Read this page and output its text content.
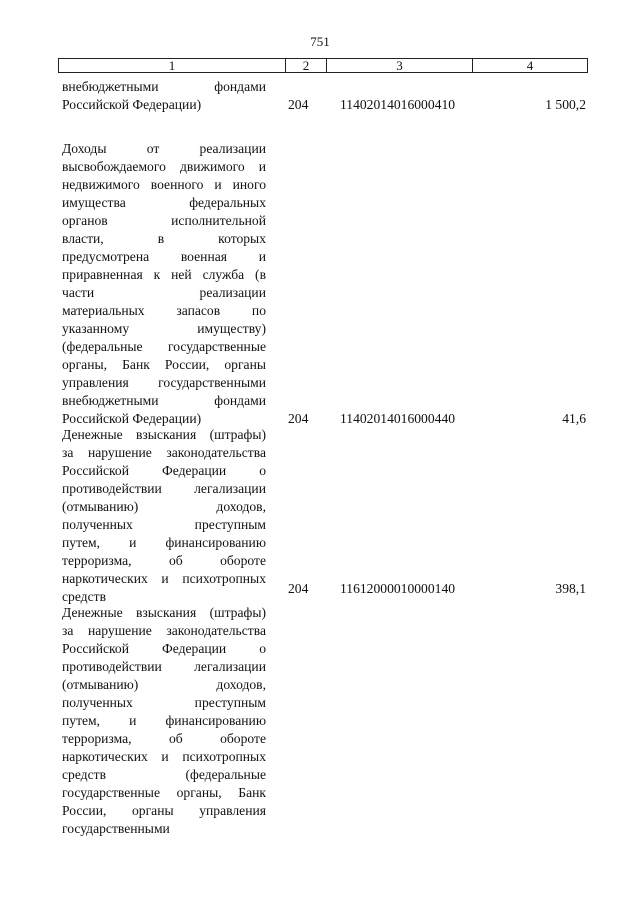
751
1	2	3	4
внебюджетными фондами
Российской Федерации)	204	11402014016000410	1 500,2
Доходы от реализации
высвобождаемого движимого и
недвижимого военного и иного
имущества федеральных
органов исполнительной
власти, в которых
предусмотрена военная и
приравненная к ней служба (в
части реализации
материальных запасов по
указанному имуществу)
(федеральные государственные
органы, Банк России, органы
управления государственными
внебюджетными фондами
Российской Федерации)	204	11402014016000440	41,6
Денежные взыскания (штрафы)
за нарушение законодательства
Российской Федерации о
противодействии легализации
(отмыванию) доходов,
полученных преступным
путем, и финансированию
терроризма, об обороте
наркотических и психотропных
средств
204	11612000010000140	398,1
Денежные взыскания (штрафы)
за нарушение законодательства
Российской Федерации о
противодействии легализации
(отмыванию) доходов,
полученных преступным
путем, и финансированию
терроризма, об обороте
наркотических и психотропных
средств (федеральные
государственные органы, Банк
России, органы управления
государственными
